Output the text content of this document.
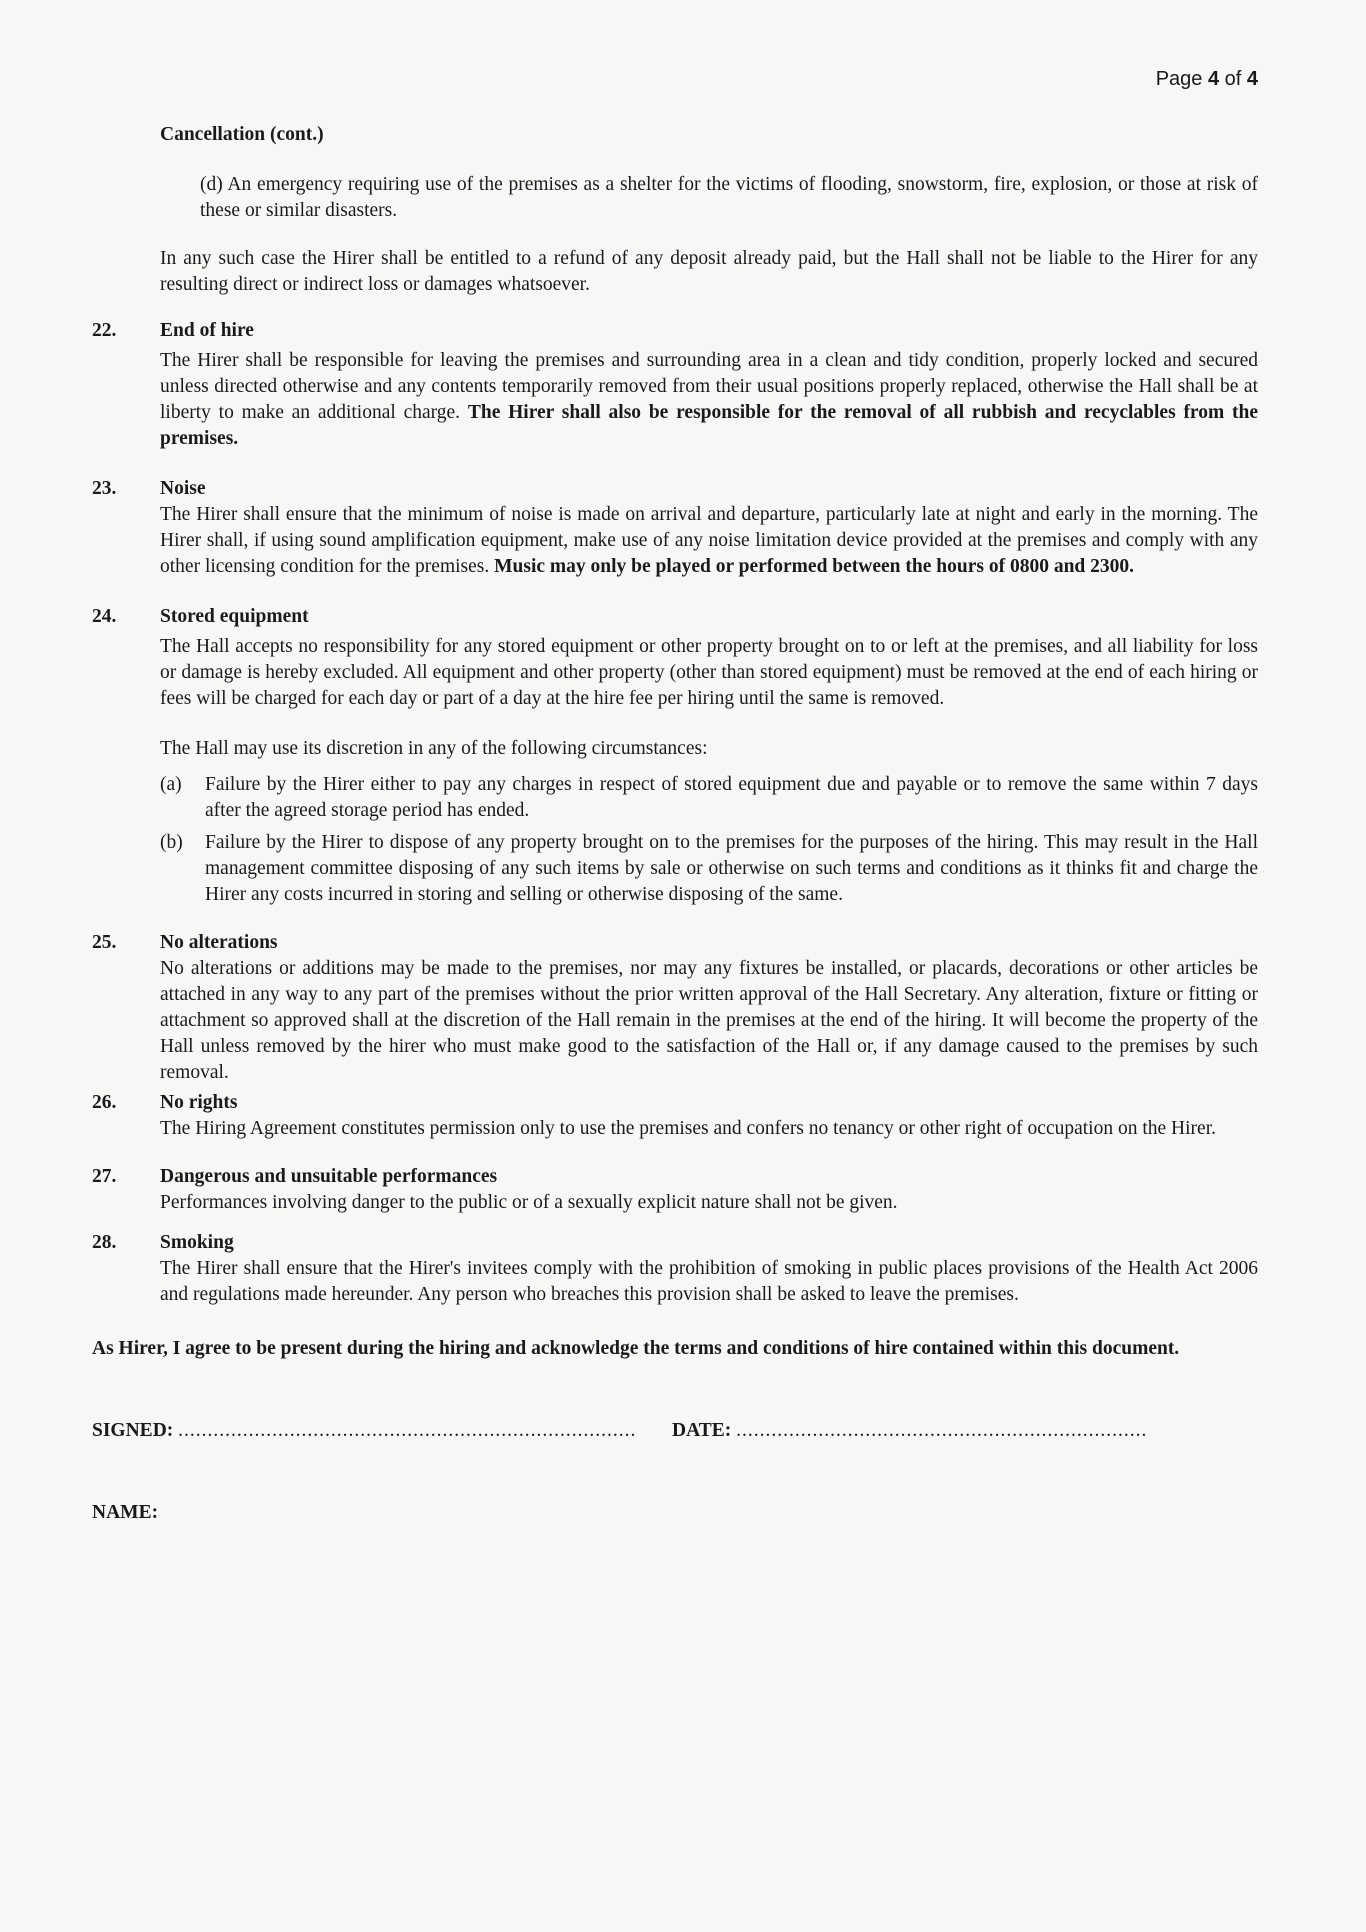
Page 4 of 4
Cancellation (cont.)

(d) An emergency requiring use of the premises as a shelter for the victims of flooding, snowstorm, fire, explosion, or those at risk of these or similar disasters.

In any such case the Hirer shall be entitled to a refund of any deposit already paid, but the Hall shall not be liable to the Hirer for any resulting direct or indirect loss or damages whatsoever.

22.	End of hire

The Hirer shall be responsible for leaving the premises and surrounding area in a clean and tidy condition, properly locked and secured unless directed otherwise and any contents temporarily removed from their usual positions properly replaced, otherwise the Hall shall be at liberty to make an additional charge. The Hirer shall also be responsible for the removal of all rubbish and recyclables from the premises.

23.	Noise

The Hirer shall ensure that the minimum of noise is made on arrival and departure, particularly late at night and early in the morning. The Hirer shall, if using sound amplification equipment, make use of any noise limitation device provided at the premises and comply with any other licensing condition for the premises. Music may only be played or performed between the hours of 0800 and 2300.

24.	Stored equipment

The Hall accepts no responsibility for any stored equipment or other property brought on to or left at the premises, and all liability for loss or damage is hereby excluded. All equipment and other property (other than stored equipment) must be removed at the end of each hiring or fees will be charged for each day or part of a day at the hire fee per hiring until the same is removed.

The Hall may use its discretion in any of the following circumstances:

(a) Failure by the Hirer either to pay any charges in respect of stored equipment due and payable or to remove the same within 7 days after the agreed storage period has ended.

(b) Failure by the Hirer to dispose of any property brought on to the premises for the purposes of the hiring. This may result in the Hall management committee disposing of any such items by sale or otherwise on such terms and conditions as it thinks fit and charge the Hirer any costs incurred in storing and selling or otherwise disposing of the same.

25.	No alterations

No alterations or additions may be made to the premises, nor may any fixtures be installed, or placards, decorations or other articles be attached in any way to any part of the premises without the prior written approval of the Hall Secretary. Any alteration, fixture or fitting or attachment so approved shall at the discretion of the Hall remain in the premises at the end of the hiring. It will become the property of the Hall unless removed by the hirer who must make good to the satisfaction of the Hall or, if any damage caused to the premises by such removal.

26.	No rights

The Hiring Agreement constitutes permission only to use the premises and confers no tenancy or other right of occupation on the Hirer.

27.	Dangerous and unsuitable performances

Performances involving danger to the public or of a sexually explicit nature shall not be given.

28.	Smoking

The Hirer shall ensure that the Hirer's invitees comply with the prohibition of smoking in public places provisions of the Health Act 2006 and regulations made hereunder. Any person who breaches this provision shall be asked to leave the premises.

As Hirer, I agree to be present during the hiring and acknowledge the terms and conditions of hire contained within this document.

SIGNED: .............................................................................. DATE: ......................................................................
NAME:
